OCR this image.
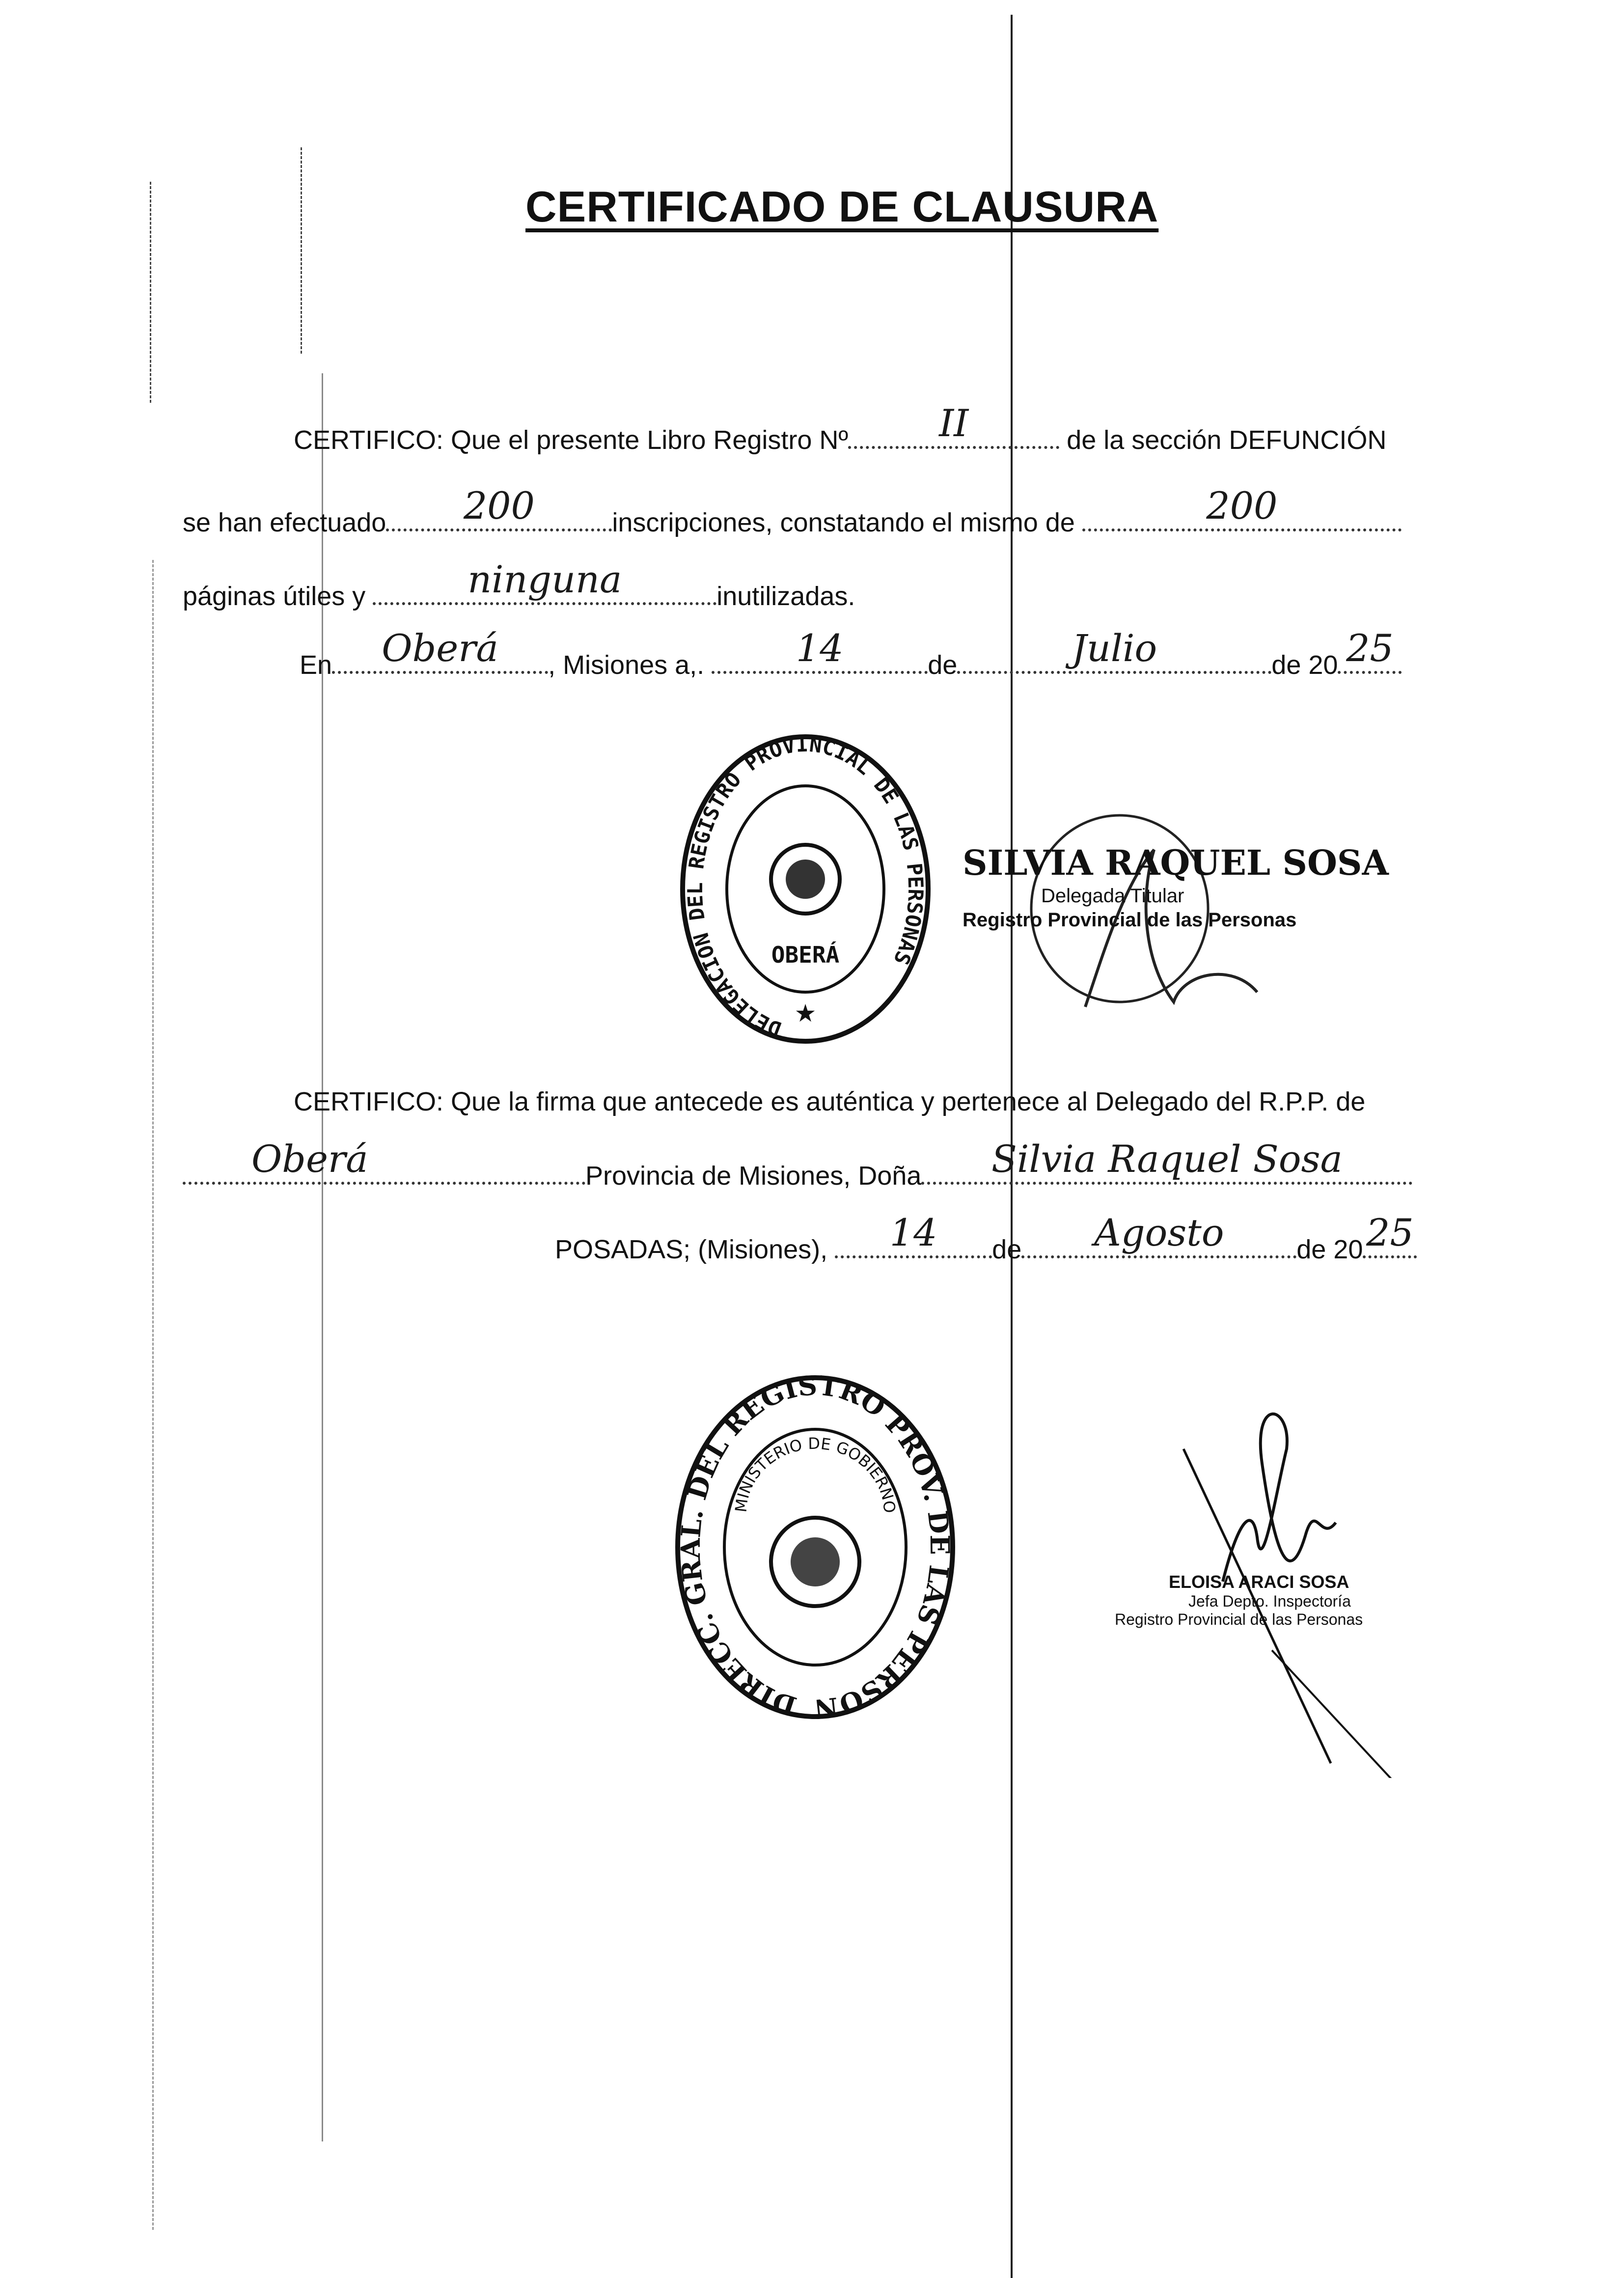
CERTIFICADO DE CLAUSURA
CERTIFICO: Que el presente Libro Registro Nº	II	de la sección DEFUNCIÓN
se han efectuado	200	inscripciones, constatando el mismo de	200
páginas útiles y	ninguna	inutilizadas.
En	Oberá	, Misiones a,.	14	de	Julio	de 20 25
DELEGACION DEL REGISTRO PROVINCIAL DE LAS PERSONAS
OBERÁ
★
SILVIA RAQUEL SOSA
Delegada Titular
Registro Provincial de las Personas
CERTIFICO: Que la firma que antecede es auténtica y pertenece al Delegado del R.P.P. de
Oberá	Provincia de Misiones, Doña	Silvia Raquel Sosa
POSADAS; (Misiones),	14	de	Agosto	de 20 25
DIRECC. GRAL. DEL REGISTRO PROV. DE LAS PERSON
MINISTERIO DE GOBIERNO
ELOISA ARACI SOSA
Jefa Depto. Inspectoría
Registro Provincial de las Personas
